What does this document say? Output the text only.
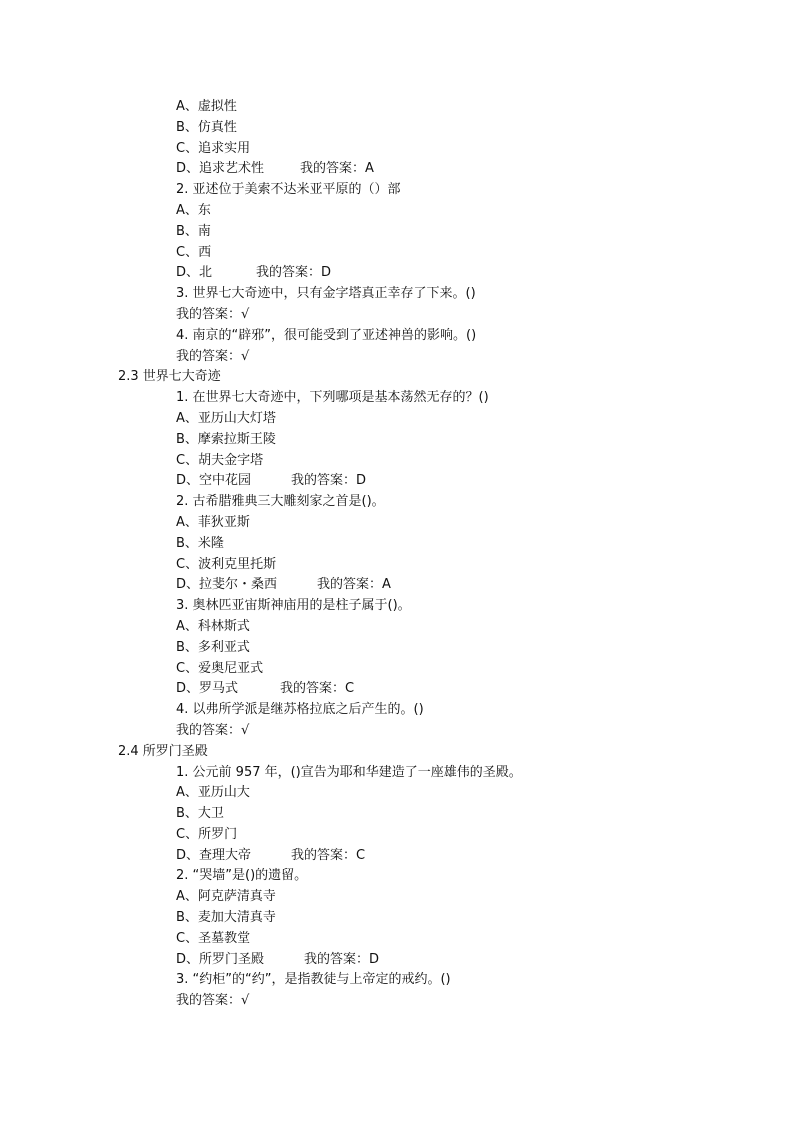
A、虚拟性
B、仿真性
C、追求实用
D、追求艺术性	我的答案：A
2. 亚述位于美索不达米亚平原的（）部
A、东
B、南
C、西
D、北	我的答案：D
3. 世界七大奇迹中，只有金字塔真正幸存了下来。()
我的答案：√
4. 南京的“辟邪”，很可能受到了亚述神兽的影响。()
我的答案：√
2.3 世界七大奇迹
1. 在世界七大奇迹中，下列哪项是基本荡然无存的？()
A、亚历山大灯塔
B、摩索拉斯王陵
C、胡夫金字塔
D、空中花园	我的答案：D
2. 古希腊雅典三大雕刻家之首是()。
A、菲狄亚斯
B、米隆
C、波利克里托斯
D、拉斐尔・桑西	我的答案：A
3. 奥林匹亚宙斯神庙用的是柱子属于()。
A、科林斯式
B、多利亚式
C、爱奥尼亚式
D、罗马式	我的答案：C
4. 以弗所学派是继苏格拉底之后产生的。()
我的答案：√
2.4 所罗门圣殿
1. 公元前 957 年，()宣告为耶和华建造了一座雄伟的圣殿。
A、亚历山大
B、大卫
C、所罗门
D、查理大帝	我的答案：C
2. “哭墙”是()的遗留。
A、阿克萨清真寺
B、麦加大清真寺
C、圣墓教堂
D、所罗门圣殿	我的答案：D
3. “约柜”的“约”，是指教徒与上帝定的戒约。()
我的答案：√
